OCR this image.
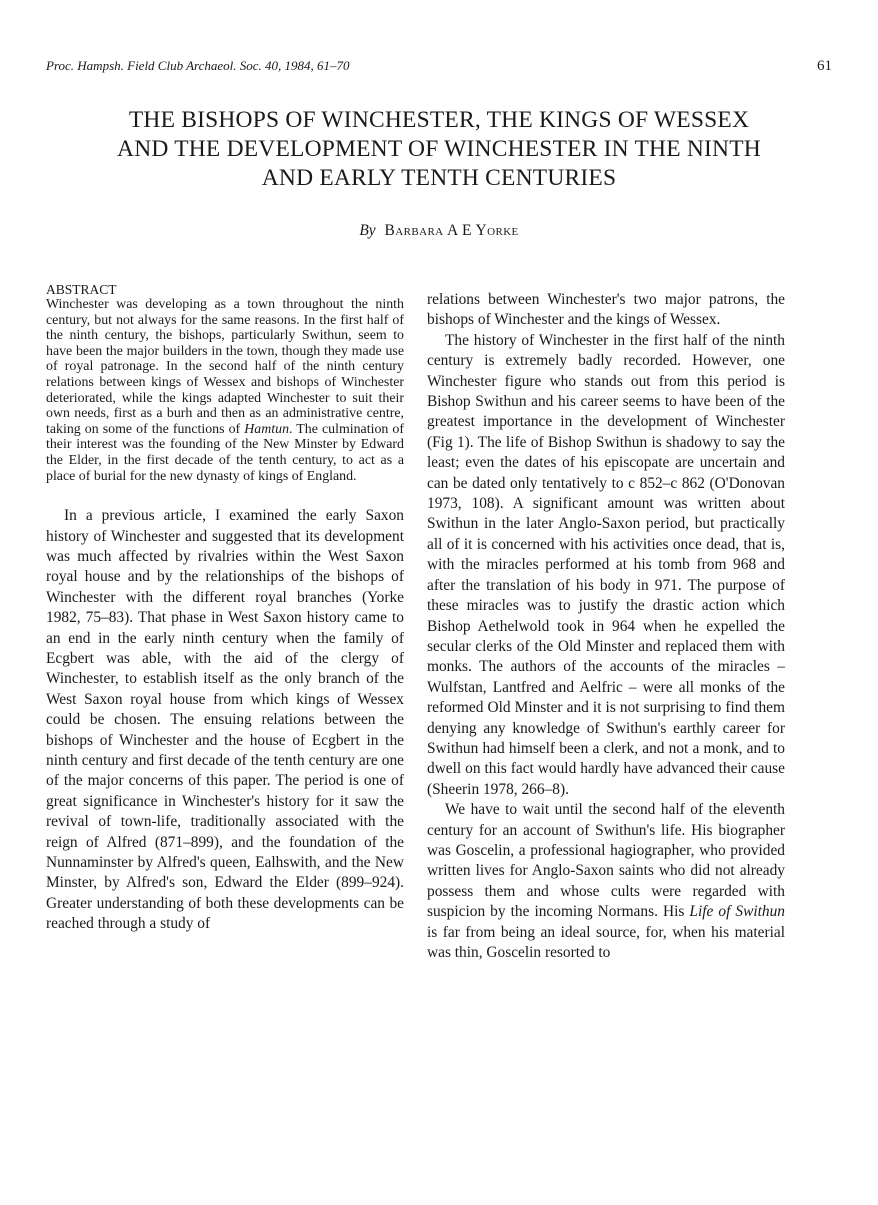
Proc. Hampsh. Field Club Archaeol. Soc. 40, 1984, 61–70	61
THE BISHOPS OF WINCHESTER, THE KINGS OF WESSEX
AND THE DEVELOPMENT OF WINCHESTER IN THE NINTH
AND EARLY TENTH CENTURIES
By Barbara A E Yorke
ABSTRACT
Winchester was developing as a town throughout the ninth century, but not always for the same reasons. In the first half of the ninth century, the bishops, particularly Swithun, seem to have been the major builders in the town, though they made use of royal patronage. In the second half of the ninth century relations between kings of Wessex and bishops of Winchester deteriorated, while the kings adapted Winchester to suit their own needs, first as a burh and then as an administrative centre, taking on some of the functions of Hamtun. The culmination of their interest was the founding of the New Minster by Edward the Elder, in the first decade of the tenth century, to act as a place of burial for the new dynasty of kings of England.

In a previous article, I examined the early Saxon history of Winchester and suggested that its development was much affected by rivalries within the West Saxon royal house and by the relationships of the bishops of Winchester with the different royal branches (Yorke 1982, 75–83). That phase in West Saxon history came to an end in the early ninth century when the family of Ecgbert was able, with the aid of the clergy of Winchester, to establish itself as the only branch of the West Saxon royal house from which kings of Wessex could be chosen. The ensuing relations between the bishops of Winchester and the house of Ecgbert in the ninth century and first decade of the tenth century are one of the major concerns of this paper. The period is one of great significance in Winchester's history for it saw the revival of town-life, traditionally associated with the reign of Alfred (871–899), and the foundation of the Nunnaminster by Alfred's queen, Ealhswith, and the New Minster, by Alfred's son, Edward the Elder (899–924). Greater understanding of both these developments can be reached through a study of

relations between Winchester's two major patrons, the bishops of Winchester and the kings of Wessex.

The history of Winchester in the first half of the ninth century is extremely badly recorded. However, one Winchester figure who stands out from this period is Bishop Swithun and his career seems to have been of the greatest importance in the development of Winchester (Fig 1). The life of Bishop Swithun is shadowy to say the least; even the dates of his episcopate are uncertain and can be dated only tentatively to c 852–c 862 (O'Donovan 1973, 108). A significant amount was written about Swithun in the later Anglo-Saxon period, but practically all of it is concerned with his activities once dead, that is, with the miracles performed at his tomb from 968 and after the translation of his body in 971. The purpose of these miracles was to justify the drastic action which Bishop Aethelwold took in 964 when he expelled the secular clerks of the Old Minster and replaced them with monks. The authors of the accounts of the miracles – Wulfstan, Lantfred and Aelfric – were all monks of the reformed Old Minster and it is not surprising to find them denying any knowledge of Swithun's earthly career for Swithun had himself been a clerk, and not a monk, and to dwell on this fact would hardly have advanced their cause (Sheerin 1978, 266–8).

We have to wait until the second half of the eleventh century for an account of Swithun's life. His biographer was Goscelin, a professional hagiographer, who provided written lives for Anglo-Saxon saints who did not already possess them and whose cults were regarded with suspicion by the incoming Normans. His Life of Swithun is far from being an ideal source, for, when his material was thin, Goscelin resorted to
